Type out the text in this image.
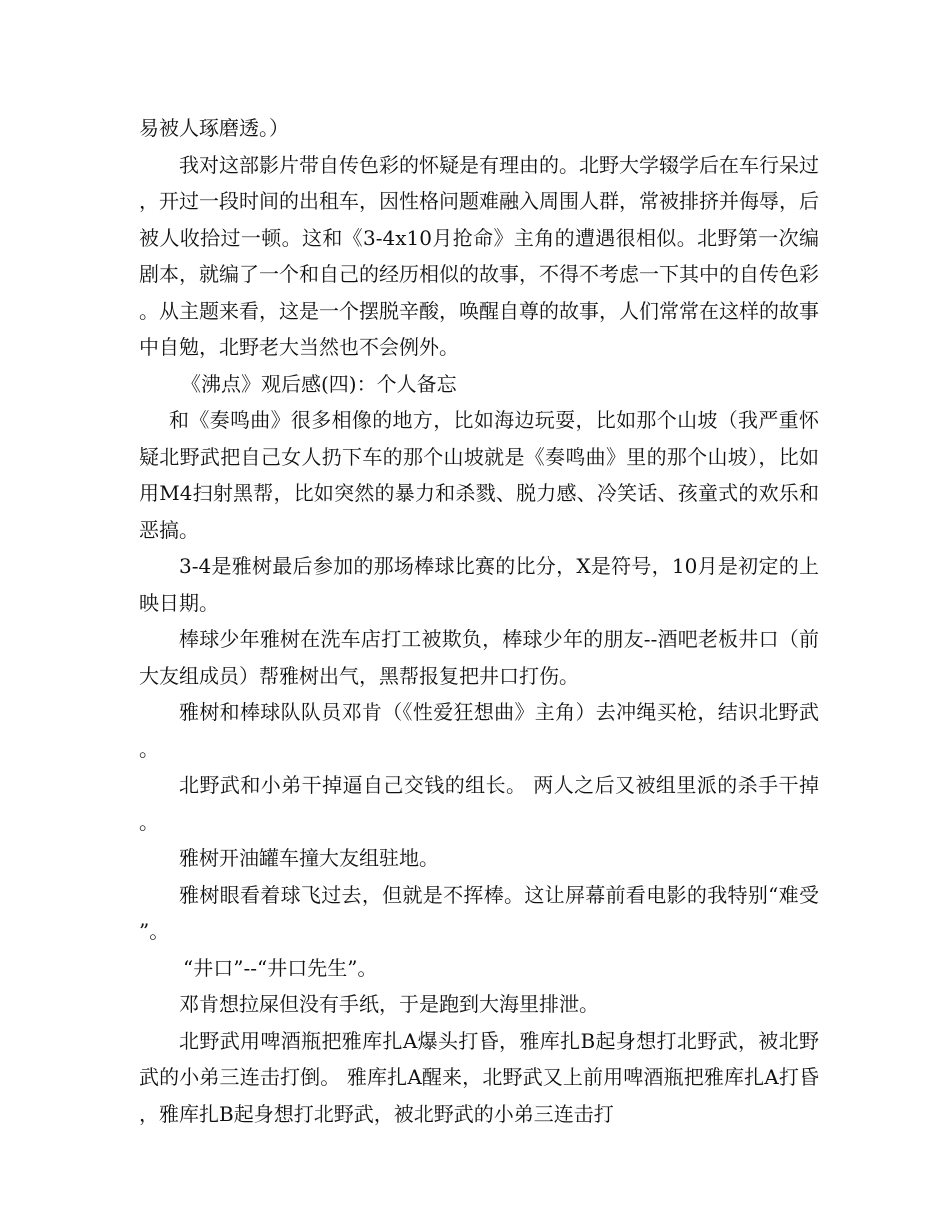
易被人琢磨透。）

我对这部影片带自传色彩的怀疑是有理由的。北野大学辍学后在车行呆过，开过一段时间的出租车，因性格问题难融入周围人群，常被排挤并侮辱，后被人收拾过一顿。这和《3-4x10月抢命》主角的遭遇很相似。北野第一次编剧本，就编了一个和自己的经历相似的故事，不得不考虑一下其中的自传色彩。从主题来看，这是一个摆脱辛酸，唤醒自尊的故事，人们常常在这样的故事中自勉，北野老大当然也不会例外。

《沸点》观后感(四)：个人备忘

和《奏鸣曲》很多相像的地方，比如海边玩耍，比如那个山坡（我严重怀疑北野武把自己女人扔下车的那个山坡就是《奏鸣曲》里的那个山坡），比如用M4扫射黑帮，比如突然的暴力和杀戮、脱力感、冷笑话、孩童式的欢乐和恶搞。

3-4是雅树最后参加的那场棒球比赛的比分，X是符号，10月是初定的上映日期。

棒球少年雅树在洗车店打工被欺负，棒球少年的朋友--酒吧老板井口（前大友组成员）帮雅树出气，黑帮报复把井口打伤。

雅树和棒球队队员邓肯（《性爱狂想曲》主角）去冲绳买枪，结识北野武。

北野武和小弟干掉逼自己交钱的组长。 两人之后又被组里派的杀手干掉。

雅树开油罐车撞大友组驻地。

雅树眼看着球飞过去，但就是不挥棒。这让屏幕前看电影的我特别“难受”。

“井口”--“井口先生”。

邓肯想拉屎但没有手纸，于是跑到大海里排泄。

北野武用啤酒瓶把雅库扎A爆头打昏，雅库扎B起身想打北野武，被北野武的小弟三连击打倒。 雅库扎A醒来，北野武又上前用啤酒瓶把雅库扎A打昏，雅库扎B起身想打北野武，被北野武的小弟三连击打
